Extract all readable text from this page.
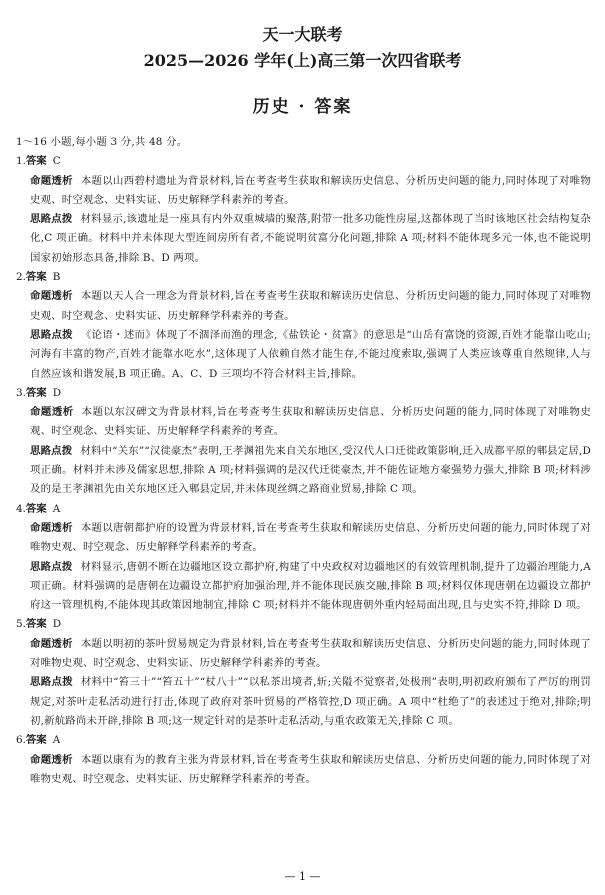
天一大联考
2025—2026 学年(上)高三第一次四省联考
历史 · 答案

1～16 小题,每小题 3 分,共 48 分。

1.答案 C

命题透析 本题以山西碧村遗址为背景材料,旨在考查考生获取和解读历史信息、分析历史问题的能力,同时体现了对唯物史观、时空观念、史料实证、历史解释学科素养的考查。

思路点拨 材料显示,该遗址是一座具有内外双重城墙的聚落,附带一批多功能性房屋,这都体现了当时该地区社会结构复杂化,C 项正确。材料中并未体现大型连间房所有者,不能说明贫富分化问题,排除 A 项;材料不能体现多元一体,也不能说明国家初始形态具备,排除 B、D 两项。

2.答案 B

命题透析 本题以天人合一理念为背景材料,旨在考查考生获取和解读历史信息、分析历史问题的能力,同时体现了对唯物史观、时空观念、史料实证、历史解释学科素养的考查。

思路点拨 《论语・述而》体现了不涸泽而渔的理念,《盐铁论・贫富》的意思是“山岳有富饶的资源,百姓才能靠山吃山;河海有丰富的物产,百姓才能靠水吃水”,这体现了人依赖自然才能生存,不能过度索取,强调了人类应该尊重自然规律,人与自然应该和谐发展,B 项正确。A、C、D 三项均不符合材料主旨,排除。

3.答案 D

命题透析 本题以东汉碑文为背景材料,旨在考查考生获取和解读历史信息、分析历史问题的能力,同时体现了对唯物史观、时空观念、史料实证、历史解释学科素养的考查。

思路点拨 材料中“关东”“汉徙豪杰”表明,王孝渊祖先来自关东地区,受汉代人口迁徙政策影响,迁入成都平原的郫县定居,D 项正确。材料并未涉及儒家思想,排除 A 项;材料强调的是汉代迁徙豪杰,并不能佐证地方豪强势力强大,排除 B 项;材料涉及的是王孝渊祖先由关东地区迁入郫县定居,并未体现丝绸之路商业贸易,排除 C 项。

4.答案 A

命题透析 本题以唐朝都护府的设置为背景材料,旨在考查考生获取和解读历史信息、分析历史问题的能力,同时体现了对唯物史观、时空观念、历史解释学科素养的考查。

思路点拨 材料显示,唐朝不断在边疆地区设立都护府,构建了中央政权对边疆地区的有效管理机制,提升了边疆治理能力,A 项正确。材料强调的是唐朝在边疆设立都护府加强治理,并不能体现民族交融,排除 B 项;材料仅体现唐朝在边疆设立都护府这一管理机构,不能体现其政策因地制宜,排除 C 项;材料并不能体现唐朝外重内轻局面出现,且与史实不符,排除 D 项。

5.答案 D

命题透析 本题以明初的茶叶贸易规定为背景材料,旨在考查考生获取和解读历史信息、分析历史问题的能力,同时体现了对唯物史观、时空观念、史料实证、历史解释学科素养的考查。

思路点拨 材料中“笞三十”“笞五十”“杖八十”“以私茶出境者,斩;关隘不觉察者,处极刑”表明,明初政府颁布了严厉的刑罚规定,对茶叶走私活动进行打击,体现了政府对茶叶贸易的严格管控,D 项正确。A 项中“杜绝了”的表述过于绝对,排除;明初,新航路尚未开辟,排除 B 项;这一规定针对的是茶叶走私活动,与重农政策无关,排除 C 项。

6.答案 A

命题透析 本题以康有为的教育主张为背景材料,旨在考查考生获取和解读历史信息、分析历史问题的能力,同时体现了对唯物史观、时空观念、史料实证、历史解释学科素养的考查。

— 1 —
